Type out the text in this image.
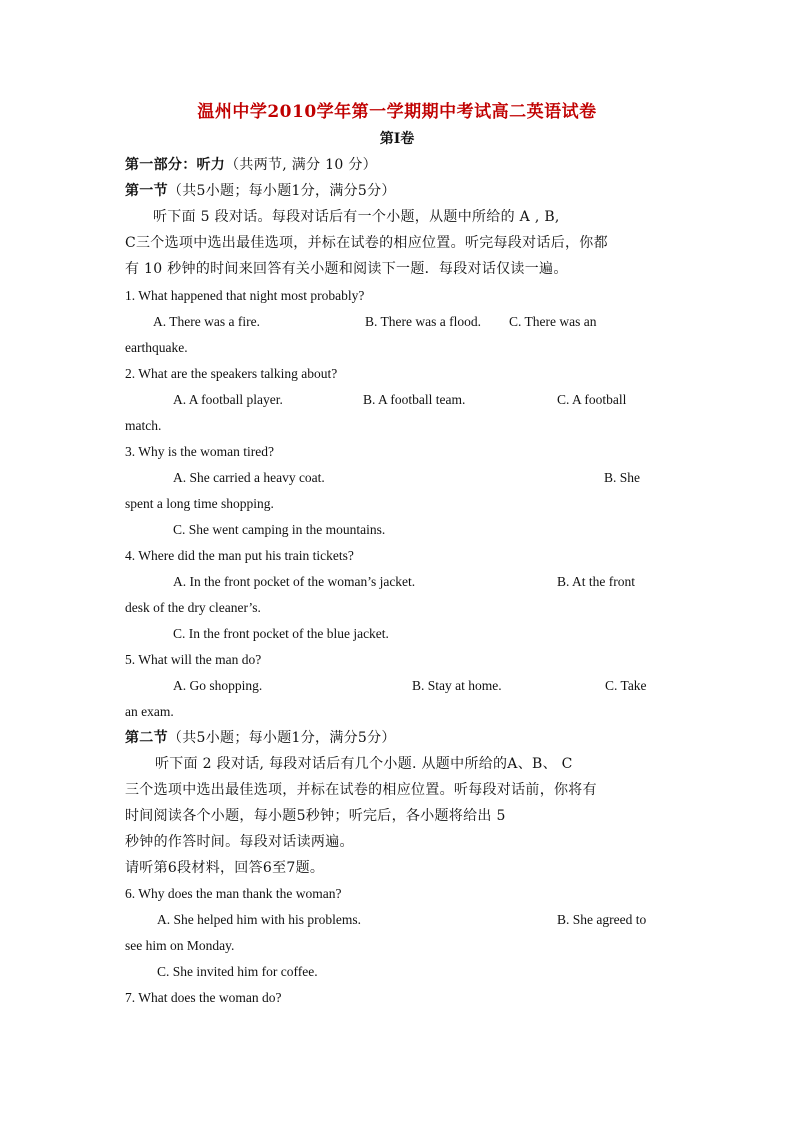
温州中学2010学年第一学期期中考试高二英语试卷
第I卷
第一部分：听力（共两节, 满分 10 分）
第一节（共5小题；每小题1分，满分5分）
听下面 5 段对话。每段对话后有一个小题，从题中所给的 A , B,
C三个选项中选出最佳选项，并标在试卷的相应位置。听完每段对话后，你都
有 10 秒钟的时间来回答有关小题和阅读下一题．每段对话仅读一遍。
1. What happened that night most probably?
A. There was a fire.	B. There was a flood. C. There was an
earthquake.
2. What are the speakers talking about?
A. A football player.	B. A football team.	C. A football
match.
3. Why is the woman tired?
A. She carried a heavy coat.	B. She
spent a long time shopping.
C. She went camping in the mountains.
4. Where did the man put his train tickets?
A. In the front pocket of the woman’s jacket.	B. At the front
desk of the dry cleaner’s.
C. In the front pocket of the blue jacket.
5. What will the man do?
A. Go shopping.	B. Stay at home.	C. Take
an exam.
第二节（共5小题；每小题1分，满分5分）
听下面 2 段对话, 每段对话后有几个小题. 从题中所给的A、B、 C
三个选项中选出最佳选项，并标在试卷的相应位置。听每段对话前，你将有
时间阅读各个小题，每小题5秒钟；听完后，各小题将给出 5
秒钟的作答时间。每段对话读两遍。
请听第6段材料，回答6至7题。
6. Why does the man thank the woman?
A. She helped him with his problems.	B. She agreed to
see him on Monday.
C. She invited him for coffee.
7. What does the woman do?
